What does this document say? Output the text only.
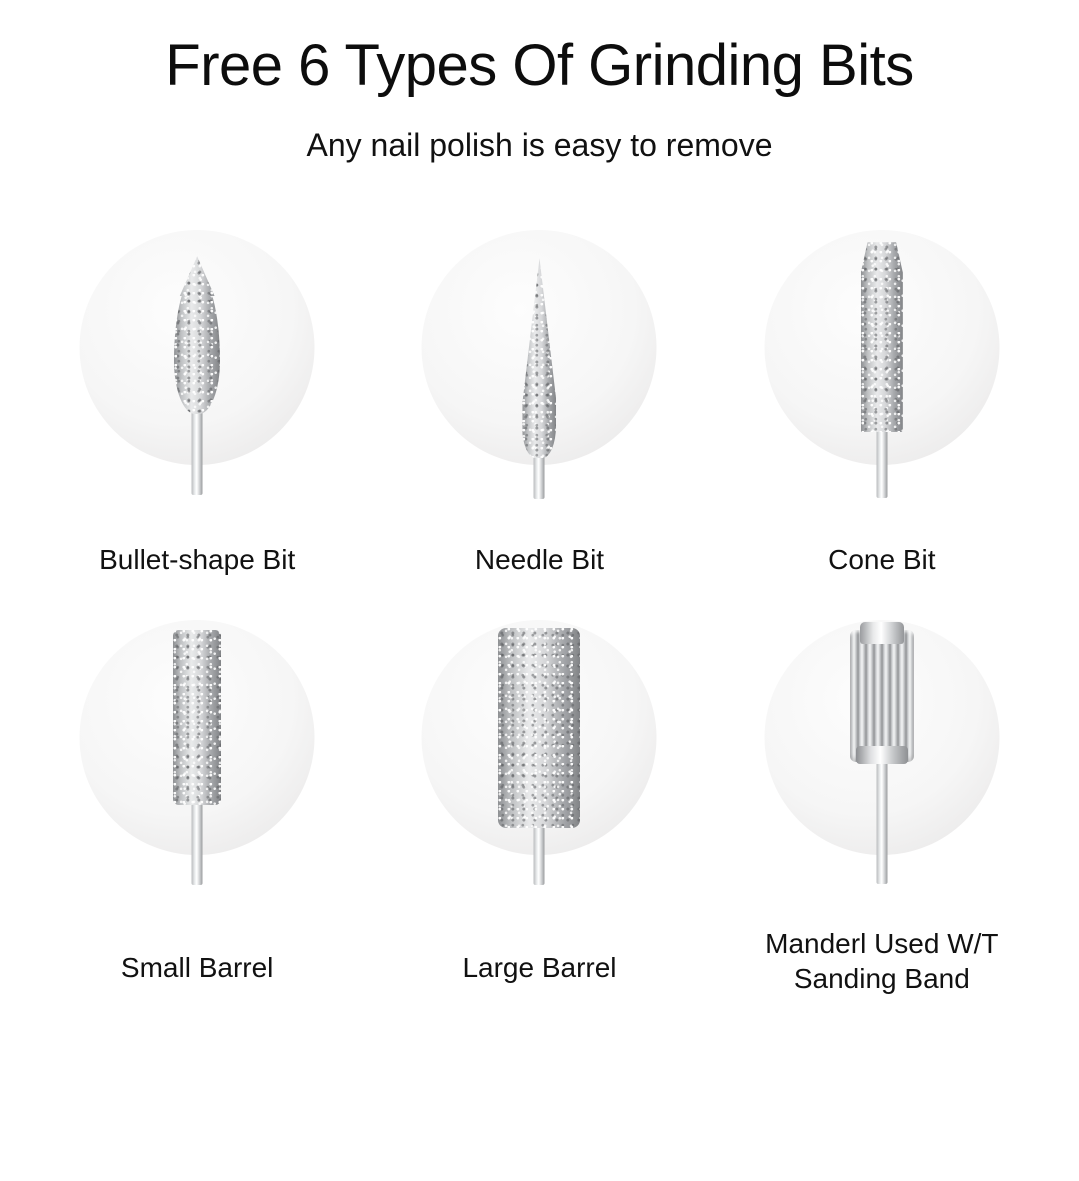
Free 6 Types Of Grinding Bits

Any nail polish is easy to remove

Bullet-shape Bit	Needle Bit	Cone Bit
Small Barrel	Large Barrel
Manderl Used W/T
Sanding Band
